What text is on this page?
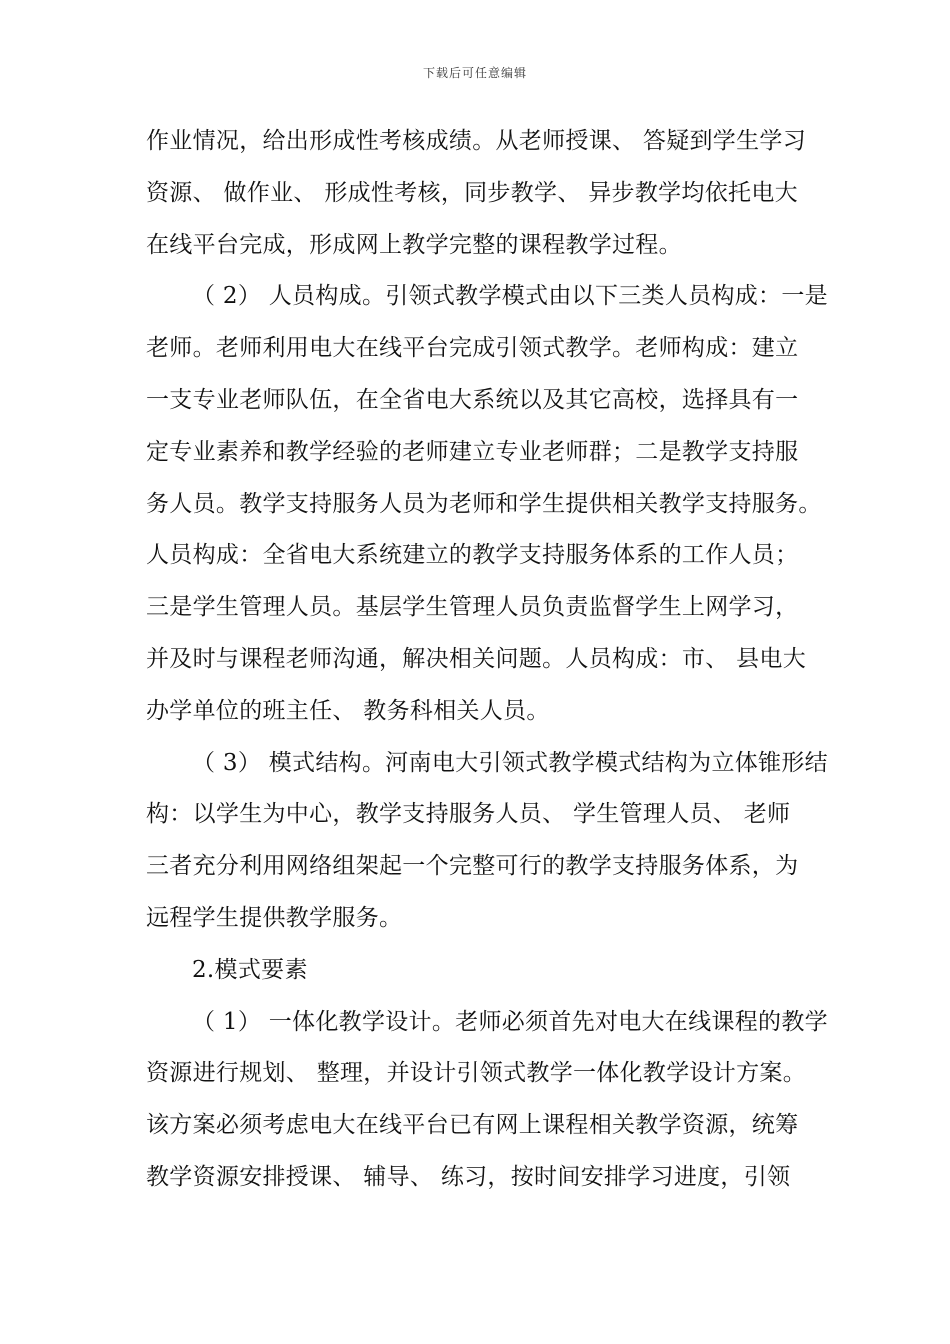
下载后可任意编辑
作业情况，给出形成性考核成绩。从老师授课、 答疑到学生学习
资源、 做作业、 形成性考核，同步教学、 异步教学均依托电大
在线平台完成，形成网上教学完整的课程教学过程。
（ 2） 人员构成。引领式教学模式由以下三类人员构成：一是
老师。老师利用电大在线平台完成引领式教学。老师构成：建立
一支专业老师队伍，在全省电大系统以及其它高校，选择具有一
定专业素养和教学经验的老师建立专业老师群；二是教学支持服
务人员。教学支持服务人员为老师和学生提供相关教学支持服务。
人员构成：全省电大系统建立的教学支持服务体系的工作人员；
三是学生管理人员。基层学生管理人员负责监督学生上网学习，
并及时与课程老师沟通，解决相关问题。人员构成：市、 县电大
办学单位的班主任、 教务科相关人员。
（ 3） 模式结构。河南电大引领式教学模式结构为立体锥形结
构：以学生为中心，教学支持服务人员、 学生管理人员、 老师
三者充分利用网络组架起一个完整可行的教学支持服务体系，为
远程学生提供教学服务。
2.模式要素
（ 1） 一体化教学设计。老师必须首先对电大在线课程的教学
资源进行规划、 整理，并设计引领式教学一体化教学设计方案。
该方案必须考虑电大在线平台已有网上课程相关教学资源，统筹
教学资源安排授课、 辅导、 练习，按时间安排学习进度，引领
